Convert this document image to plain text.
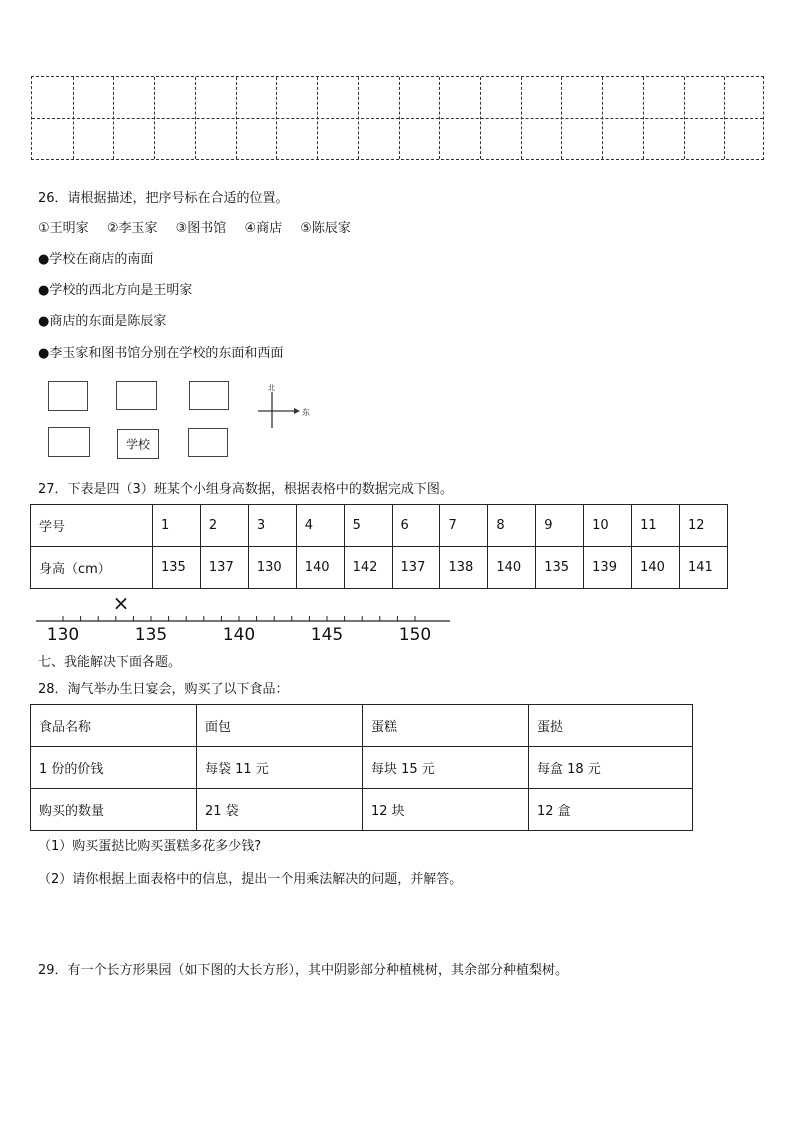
26．请根据描述，把序号标在合适的位置。
①王明家 ②李玉家 ③图书馆 ④商店 ⑤陈辰家
●学校在商店的南面
●学校的西北方向是王明家
●商店的东面是陈辰家
●李玉家和图书馆分别在学校的东面和西面
学校
北
东
27．下表是四（3）班某个小组身高数据，根据表格中的数据完成下图。
学号	1	2	3	4	5	6	7	8	9	10	11	12
身高（cm）	135	137	130	140	142	137	138	140	135	139	140	141
×
130	135	140	145	150
七、我能解决下面各题。
28．淘气举办生日宴会，购买了以下食品：
食品名称	面包	蛋糕	蛋挞
1 份的价钱	每袋 11 元	每块 15 元	每盒 18 元
购买的数量	21 袋	12 块	12 盒
（1）购买蛋挞比购买蛋糕多花多少钱?
（2）请你根据上面表格中的信息，提出一个用乘法解决的问题，并解答。
29．有一个长方形果园（如下图的大长方形），其中阴影部分种植桃树，其余部分种植梨树。
